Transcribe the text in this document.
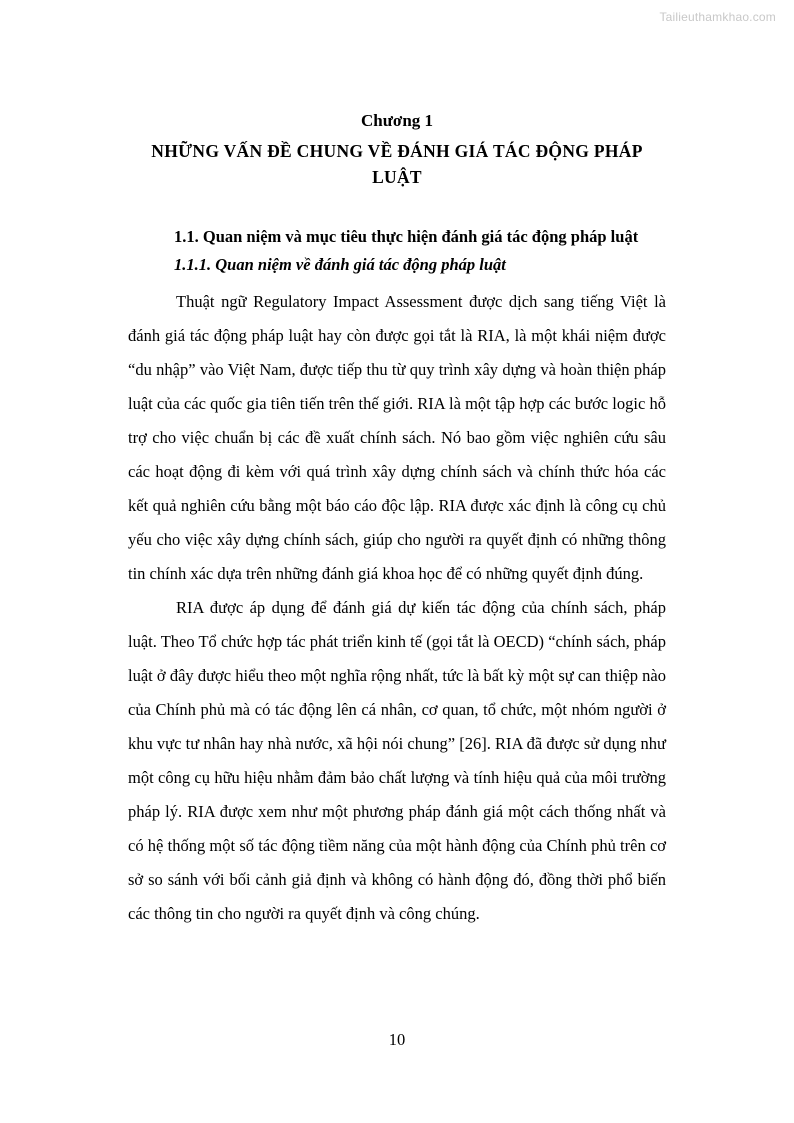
Tailieuthamkhao.com
Chương 1
NHỮNG VẤN ĐỀ CHUNG VỀ ĐÁNH GIÁ TÁC ĐỘNG PHÁP LUẬT
1.1. Quan niệm và mục tiêu thực hiện đánh giá tác động pháp luật
1.1.1. Quan niệm về đánh giá tác động pháp luật

Thuật ngữ Regulatory Impact Assessment được dịch sang tiếng Việt là đánh giá tác động pháp luật hay còn được gọi tắt là RIA, là một khái niệm được “du nhập” vào Việt Nam, được tiếp thu từ quy trình xây dựng và hoàn thiện pháp luật của các quốc gia tiên tiến trên thế giới. RIA là một tập hợp các bước logic hỗ trợ cho việc chuẩn bị các đề xuất chính sách. Nó bao gồm việc nghiên cứu sâu các hoạt động đi kèm với quá trình xây dựng chính sách và chính thức hóa các kết quả nghiên cứu bằng một báo cáo độc lập. RIA được xác định là công cụ chủ yếu cho việc xây dựng chính sách, giúp cho người ra quyết định có những thông tin chính xác dựa trên những đánh giá khoa học để có những quyết định đúng.

RIA được áp dụng để đánh giá dự kiến tác động của chính sách, pháp luật. Theo Tổ chức hợp tác phát triển kinh tế (gọi tắt là OECD) “chính sách, pháp luật ở đây được hiểu theo một nghĩa rộng nhất, tức là bất kỳ một sự can thiệp nào của Chính phủ mà có tác động lên cá nhân, cơ quan, tổ chức, một nhóm người ở khu vực tư nhân hay nhà nước, xã hội nói chung” [26]. RIA đã được sử dụng như một công cụ hữu hiệu nhằm đảm bảo chất lượng và tính hiệu quả của môi trường pháp lý. RIA được xem như một phương pháp đánh giá một cách thống nhất và có hệ thống một số tác động tiềm năng của một hành động của Chính phủ trên cơ sở so sánh với bối cảnh giả định và không có hành động đó, đồng thời phổ biến các thông tin cho người ra quyết định và công chúng.

10
